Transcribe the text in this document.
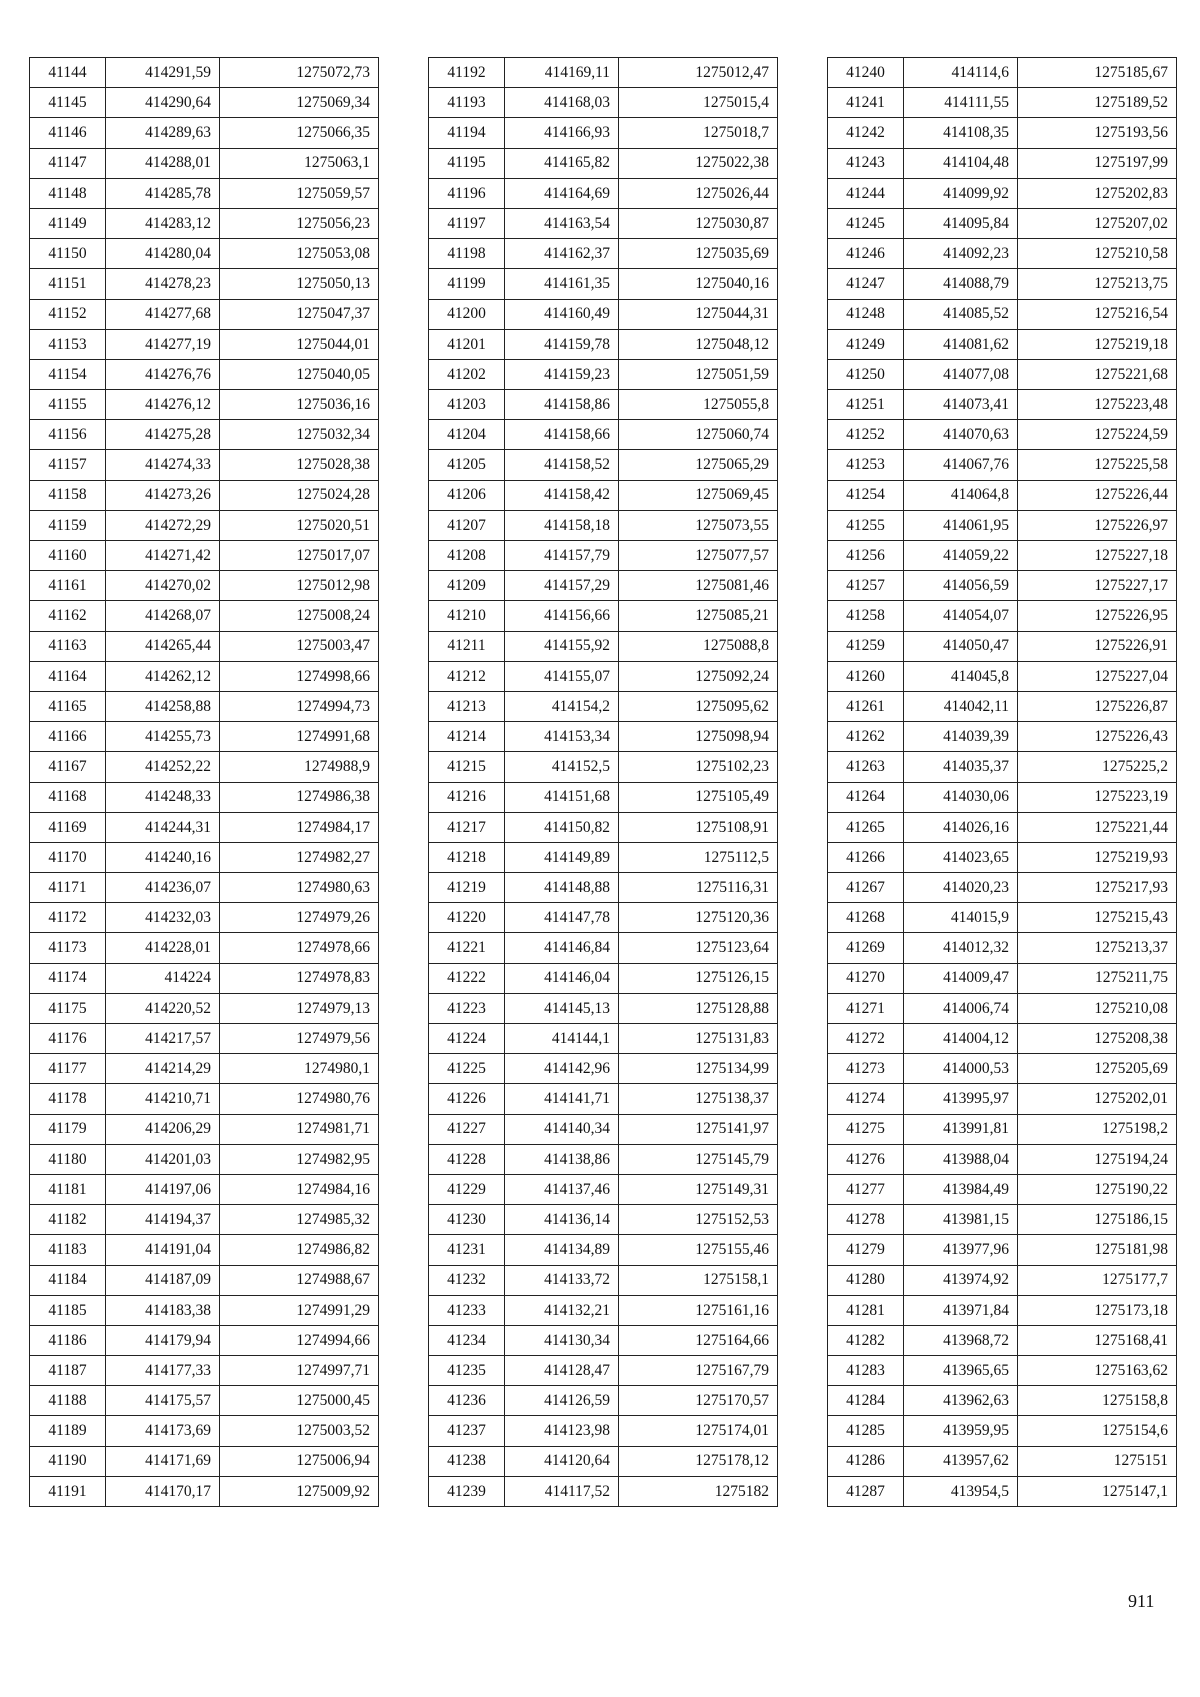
41144	414291,59	1275072,73
41145	414290,64	1275069,34
41146	414289,63	1275066,35
41147	414288,01	1275063,1
41148	414285,78	1275059,57
41149	414283,12	1275056,23
41150	414280,04	1275053,08
41151	414278,23	1275050,13
41152	414277,68	1275047,37
41153	414277,19	1275044,01
41154	414276,76	1275040,05
41155	414276,12	1275036,16
41156	414275,28	1275032,34
41157	414274,33	1275028,38
41158	414273,26	1275024,28
41159	414272,29	1275020,51
41160	414271,42	1275017,07
41161	414270,02	1275012,98
41162	414268,07	1275008,24
41163	414265,44	1275003,47
41164	414262,12	1274998,66
41165	414258,88	1274994,73
41166	414255,73	1274991,68
41167	414252,22	1274988,9
41168	414248,33	1274986,38
41169	414244,31	1274984,17
41170	414240,16	1274982,27
41171	414236,07	1274980,63
41172	414232,03	1274979,26
41173	414228,01	1274978,66
41174	414224	1274978,83
41175	414220,52	1274979,13
41176	414217,57	1274979,56
41177	414214,29	1274980,1
41178	414210,71	1274980,76
41179	414206,29	1274981,71
41180	414201,03	1274982,95
41181	414197,06	1274984,16
41182	414194,37	1274985,32
41183	414191,04	1274986,82
41184	414187,09	1274988,67
41185	414183,38	1274991,29
41186	414179,94	1274994,66
41187	414177,33	1274997,71
41188	414175,57	1275000,45
41189	414173,69	1275003,52
41190	414171,69	1275006,94
41191	414170,17	1275009,92
41192	414169,11	1275012,47
41193	414168,03	1275015,4
41194	414166,93	1275018,7
41195	414165,82	1275022,38
41196	414164,69	1275026,44
41197	414163,54	1275030,87
41198	414162,37	1275035,69
41199	414161,35	1275040,16
41200	414160,49	1275044,31
41201	414159,78	1275048,12
41202	414159,23	1275051,59
41203	414158,86	1275055,8
41204	414158,66	1275060,74
41205	414158,52	1275065,29
41206	414158,42	1275069,45
41207	414158,18	1275073,55
41208	414157,79	1275077,57
41209	414157,29	1275081,46
41210	414156,66	1275085,21
41211	414155,92	1275088,8
41212	414155,07	1275092,24
41213	414154,2	1275095,62
41214	414153,34	1275098,94
41215	414152,5	1275102,23
41216	414151,68	1275105,49
41217	414150,82	1275108,91
41218	414149,89	1275112,5
41219	414148,88	1275116,31
41220	414147,78	1275120,36
41221	414146,84	1275123,64
41222	414146,04	1275126,15
41223	414145,13	1275128,88
41224	414144,1	1275131,83
41225	414142,96	1275134,99
41226	414141,71	1275138,37
41227	414140,34	1275141,97
41228	414138,86	1275145,79
41229	414137,46	1275149,31
41230	414136,14	1275152,53
41231	414134,89	1275155,46
41232	414133,72	1275158,1
41233	414132,21	1275161,16
41234	414130,34	1275164,66
41235	414128,47	1275167,79
41236	414126,59	1275170,57
41237	414123,98	1275174,01
41238	414120,64	1275178,12
41239	414117,52	1275182
41240	414114,6	1275185,67
41241	414111,55	1275189,52
41242	414108,35	1275193,56
41243	414104,48	1275197,99
41244	414099,92	1275202,83
41245	414095,84	1275207,02
41246	414092,23	1275210,58
41247	414088,79	1275213,75
41248	414085,52	1275216,54
41249	414081,62	1275219,18
41250	414077,08	1275221,68
41251	414073,41	1275223,48
41252	414070,63	1275224,59
41253	414067,76	1275225,58
41254	414064,8	1275226,44
41255	414061,95	1275226,97
41256	414059,22	1275227,18
41257	414056,59	1275227,17
41258	414054,07	1275226,95
41259	414050,47	1275226,91
41260	414045,8	1275227,04
41261	414042,11	1275226,87
41262	414039,39	1275226,43
41263	414035,37	1275225,2
41264	414030,06	1275223,19
41265	414026,16	1275221,44
41266	414023,65	1275219,93
41267	414020,23	1275217,93
41268	414015,9	1275215,43
41269	414012,32	1275213,37
41270	414009,47	1275211,75
41271	414006,74	1275210,08
41272	414004,12	1275208,38
41273	414000,53	1275205,69
41274	413995,97	1275202,01
41275	413991,81	1275198,2
41276	413988,04	1275194,24
41277	413984,49	1275190,22
41278	413981,15	1275186,15
41279	413977,96	1275181,98
41280	413974,92	1275177,7
41281	413971,84	1275173,18
41282	413968,72	1275168,41
41283	413965,65	1275163,62
41284	413962,63	1275158,8
41285	413959,95	1275154,6
41286	413957,62	1275151
41287	413954,5	1275147,1
911
